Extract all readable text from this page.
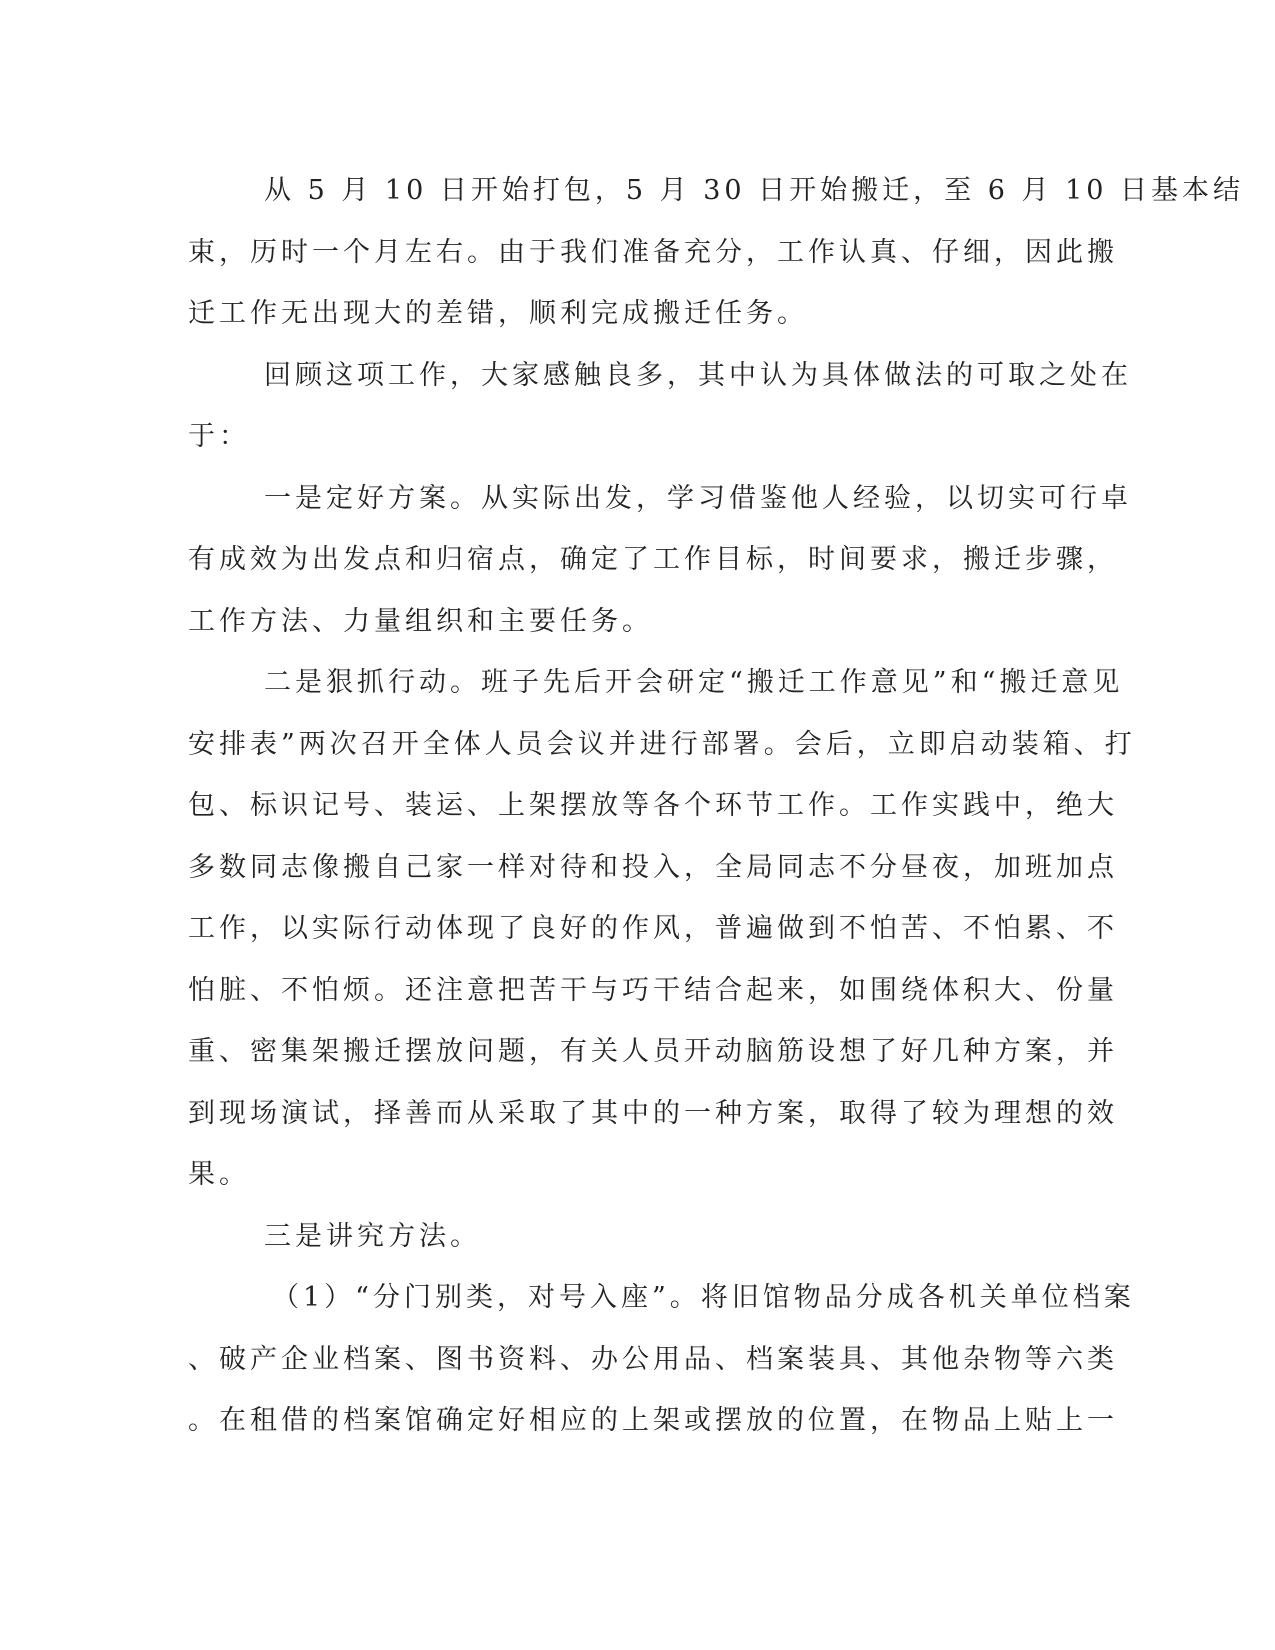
从 5 月 10 日开始打包，5 月 30 日开始搬迁，至 6 月 10 日基本结
束，历时一个月左右。由于我们准备充分，工作认真、仔细，因此搬
迁工作无出现大的差错，顺利完成搬迁任务。
回顾这项工作，大家感触良多，其中认为具体做法的可取之处在
于：
一是定好方案。从实际出发，学习借鉴他人经验，以切实可行卓
有成效为出发点和归宿点，确定了工作目标，时间要求，搬迁步骤，
工作方法、力量组织和主要任务。
二是狠抓行动。班子先后开会研定“搬迁工作意见”和“搬迁意见
安排表”两次召开全体人员会议并进行部署。会后，立即启动装箱、打
包、标识记号、装运、上架摆放等各个环节工作。工作实践中，绝大
多数同志像搬自己家一样对待和投入，全局同志不分昼夜，加班加点
工作，以实际行动体现了良好的作风，普遍做到不怕苦、不怕累、不
怕脏、不怕烦。还注意把苦干与巧干结合起来，如围绕体积大、份量
重、密集架搬迁摆放问题，有关人员开动脑筋设想了好几种方案，并
到现场演试，择善而从采取了其中的一种方案，取得了较为理想的效
果。
三是讲究方法。
（1）“分门别类，对号入座”。将旧馆物品分成各机关单位档案
、破产企业档案、图书资料、办公用品、档案装具、其他杂物等六类
。在租借的档案馆确定好相应的上架或摆放的位置，在物品上贴上一
